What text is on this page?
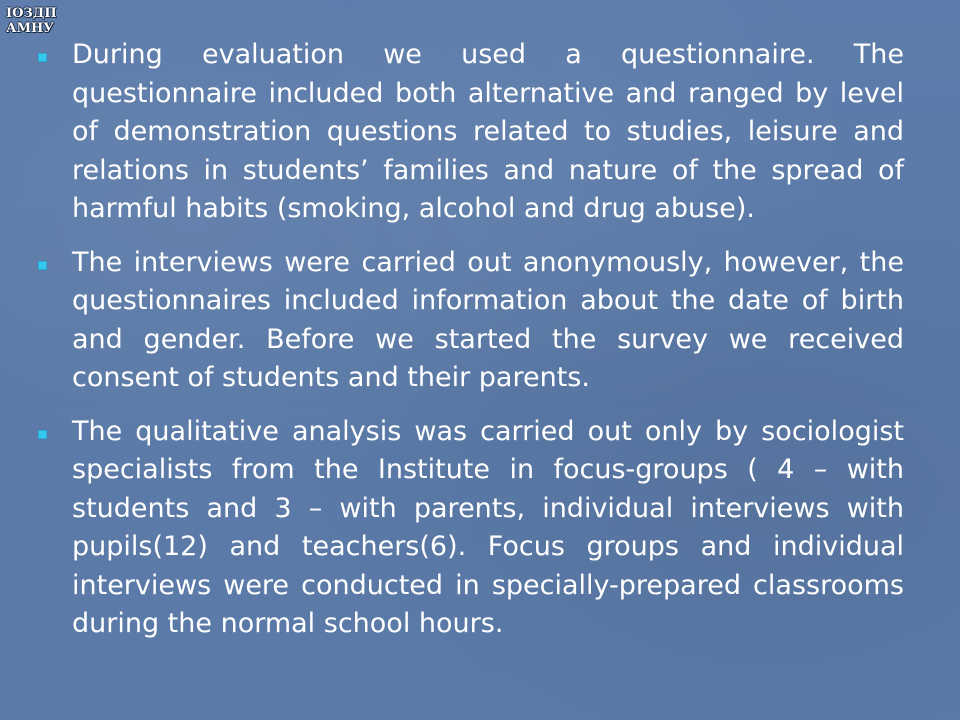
ІОЗДП
АМНУ
During evaluation we used a questionnaire. The questionnaire included both alternative and ranged by level of demonstration questions related to studies, leisure and relations in students’ families and nature of the spread of harmful habits (smoking, alcohol and drug abuse).
The interviews were carried out anonymously, however, the questionnaires included information about the date of birth and gender. Before we started the survey we received consent of students and their parents.
The qualitative analysis was carried out only by sociologist specialists from the Institute in focus-groups ( 4 – with students and 3 – with parents, individual interviews with pupils(12) and teachers(6). Focus groups and individual interviews were conducted in specially-prepared classrooms during the normal school hours.
